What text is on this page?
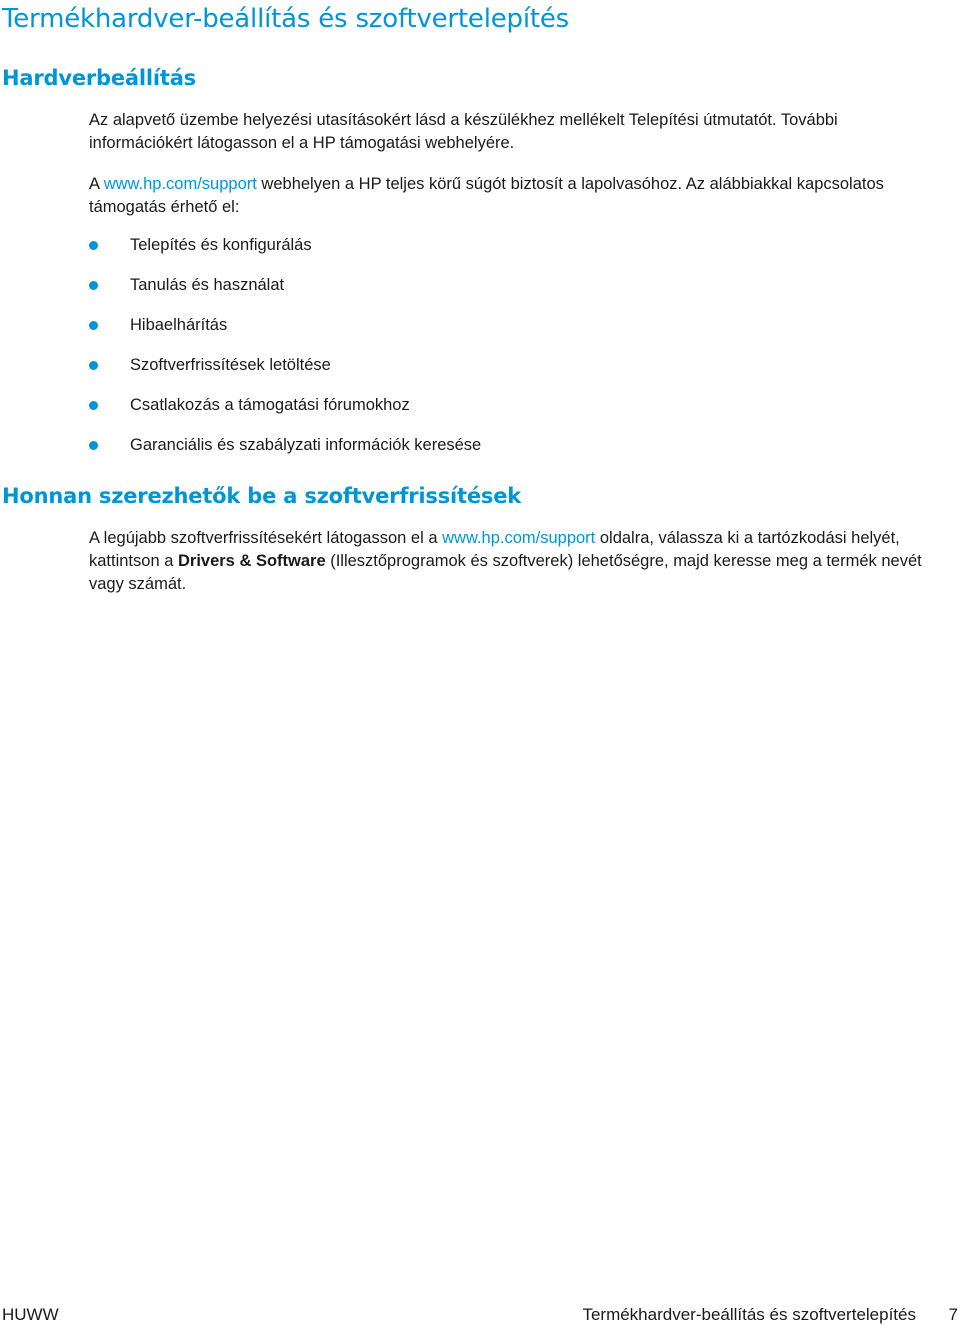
Termékhardver-beállítás és szoftvertelepítés
Hardverbeállítás

Az alapvető üzembe helyezési utasításokért lásd a készülékhez mellékelt Telepítési útmutatót. További információkért látogasson el a HP támogatási webhelyére.

A www.hp.com/support webhelyen a HP teljes körű súgót biztosít a lapolvasóhoz. Az alábbiakkal kapcsolatos támogatás érhető el:

Telepítés és konfigurálás
Tanulás és használat
Hibaelhárítás
Szoftverfrissítések letöltése
Csatlakozás a támogatási fórumokhoz
Garanciális és szabályzati információk keresése
Honnan szerezhetők be a szoftverfrissítések

A legújabb szoftverfrissítésekért látogasson el a www.hp.com/support oldalra, válassza ki a tartózkodási helyét, kattintson a Drivers & Software (Illesztőprogramok és szoftverek) lehetőségre, majd keresse meg a termék nevét vagy számát.

HUWW	Termékhardver-beállítás és szoftvertelepítés 7
